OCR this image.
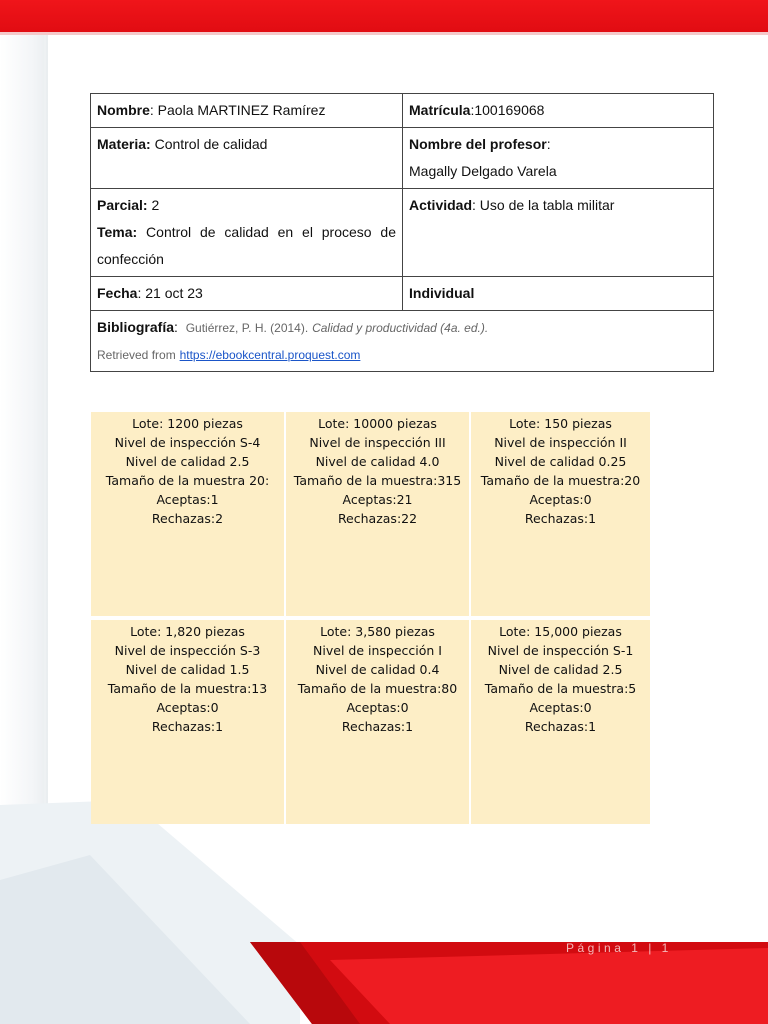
Nombre: Paola MARTINEZ Ramírez	Matrícula:100169068
Materia: Control de calidad	Nombre del profesor:
Magally Delgado Varela
Parcial: 2
Tema: Control de calidad en el proceso de confección	Actividad: Uso de la tabla militar
Fecha: 21 oct 23	Individual
Bibliografía: Gutiérrez, P. H. (2014). Calidad y productividad (4a. ed.).
Retrieved from https://ebookcentral.proquest.com	
Lote: 1200 piezas
Nivel de inspección S-4
Nivel de calidad 2.5
Tamaño de la muestra 20:
Aceptas:1
Rechazas:2
Lote: 10000 piezas
Nivel de inspección III
Nivel de calidad 4.0
Tamaño de la muestra:315
Aceptas:21
Rechazas:22
Lote: 150 piezas
Nivel de inspección II
Nivel de calidad 0.25
Tamaño de la muestra:20
Aceptas:0
Rechazas:1
Lote: 1,820 piezas
Nivel de inspección S-3
Nivel de calidad 1.5
Tamaño de la muestra:13
Aceptas:0
Rechazas:1
Lote: 3,580 piezas
Nivel de inspección I
Nivel de calidad 0.4
Tamaño de la muestra:80
Aceptas:0
Rechazas:1
Lote: 15,000 piezas
Nivel de inspección S-1
Nivel de calidad 2.5
Tamaño de la muestra:5
Aceptas:0
Rechazas:1
Página 1 | 1
